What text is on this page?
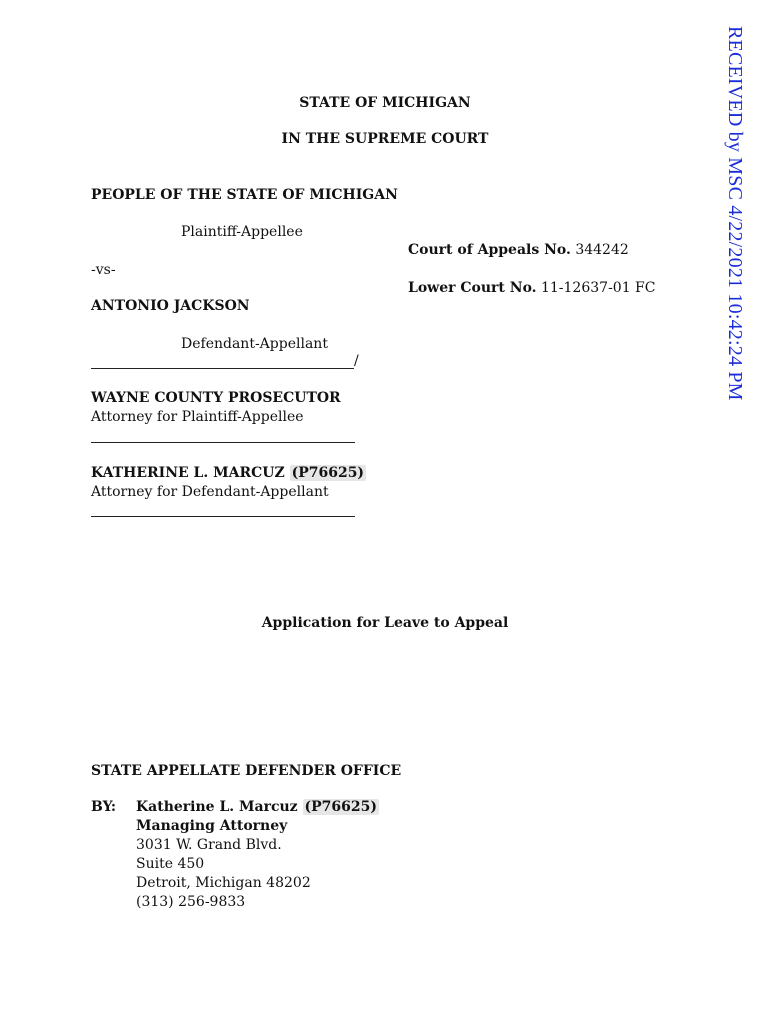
RECEIVED by MSC 4/22/2021 10:42:24 PM
STATE OF MICHIGAN
IN THE SUPREME COURT
PEOPLE OF THE STATE OF MICHIGAN
Plaintiff-Appellee
Court of Appeals No. 344242
-vs-
Lower Court No. 11-12637-01 FC
ANTONIO JACKSON
Defendant-Appellant
/
WAYNE COUNTY PROSECUTOR
Attorney for Plaintiff-Appellee
KATHERINE L. MARCUZ (P76625)
Attorney for Defendant-Appellant
Application for Leave to Appeal
STATE APPELLATE DEFENDER OFFICE
BY: Katherine L. Marcuz (P76625)
Managing Attorney
3031 W. Grand Blvd.
Suite 450
Detroit, Michigan 48202
(313) 256-9833
